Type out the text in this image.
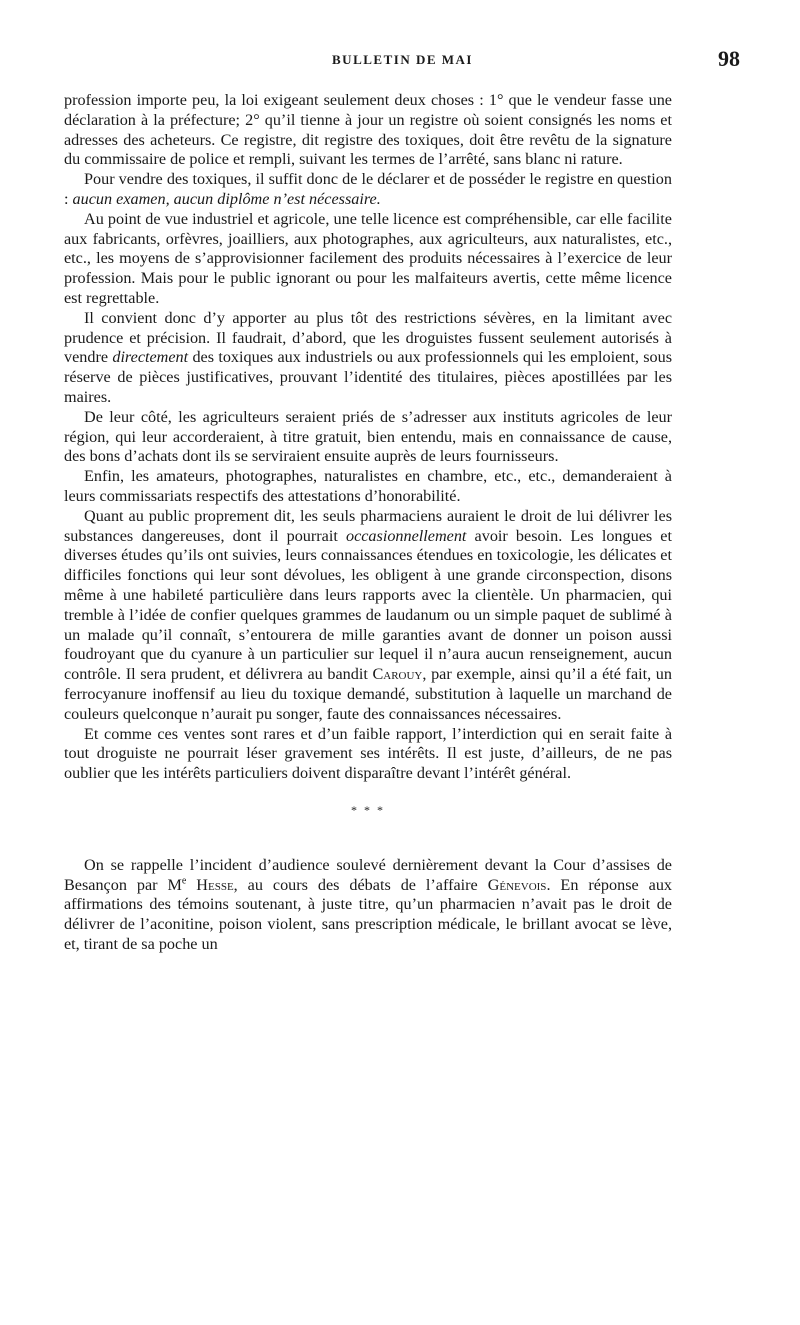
BULLETIN DE MAI	98

profession importe peu, la loi exigeant seulement deux choses : 1° que le vendeur fasse une déclaration à la préfecture; 2° qu’il tienne à jour un registre où soient consignés les noms et adresses des acheteurs. Ce registre, dit registre des toxiques, doit être revêtu de la signature du commissaire de police et rempli, suivant les termes de l’arrêté, sans blanc ni rature.

Pour vendre des toxiques, il suffit donc de le déclarer et de posséder le registre en question : aucun examen, aucun diplôme n’est nécessaire.

Au point de vue industriel et agricole, une telle licence est compréhensible, car elle facilite aux fabricants, orfèvres, joailliers, aux photographes, aux agriculteurs, aux naturalistes, etc., etc., les moyens de s’approvisionner facilement des produits nécessaires à l’exercice de leur profession. Mais pour le public ignorant ou pour les malfaiteurs avertis, cette même licence est regrettable.

Il convient donc d’y apporter au plus tôt des restrictions sévères, en la limitant avec prudence et précision. Il faudrait, d’abord, que les droguistes fussent seulement autorisés à vendre directement des toxiques aux industriels ou aux professionnels qui les emploient, sous réserve de pièces justificatives, prouvant l’identité des titulaires, pièces apostillées par les maires.

De leur côté, les agriculteurs seraient priés de s’adresser aux instituts agricoles de leur région, qui leur accorderaient, à titre gratuit, bien entendu, mais en connaissance de cause, des bons d’achats dont ils se serviraient ensuite auprès de leurs fournisseurs.

Enfin, les amateurs, photographes, naturalistes en chambre, etc., etc., demanderaient à leurs commissariats respectifs des attestations d’honorabilité.

Quant au public proprement dit, les seuls pharmaciens auraient le droit de lui délivrer les substances dangereuses, dont il pourrait occasionnellement avoir besoin. Les longues et diverses études qu’ils ont suivies, leurs connaissances étendues en toxicologie, les délicates et difficiles fonctions qui leur sont dévolues, les obligent à une grande circonspection, disons même à une habileté particulière dans leurs rapports avec la clientèle. Un pharmacien, qui tremble à l’idée de confier quelques grammes de laudanum ou un simple paquet de sublimé à un malade qu’il connaît, s’entourera de mille garanties avant de donner un poison aussi foudroyant que du cyanure à un particulier sur lequel il n’aura aucun renseignement, aucun contrôle. Il sera prudent, et délivrera au bandit Carouy, par exemple, ainsi qu’il a été fait, un ferrocyanure inoffensif au lieu du toxique demandé, substitution à laquelle un marchand de couleurs quelconque n’aurait pu songer, faute des connaissances nécessaires.

Et comme ces ventes sont rares et d’un faible rapport, l’interdiction qui en serait faite à tout droguiste ne pourrait léser gravement ses intérêts. Il est juste, d’ailleurs, de ne pas oublier que les intérêts particuliers doivent disparaître devant l’intérêt général.

* * *

On se rappelle l’incident d’audience soulevé dernièrement devant la Cour d’assises de Besançon par Me Hesse, au cours des débats de l’affaire Génevois. En réponse aux affirmations des témoins soutenant, à juste titre, qu’un pharmacien n’avait pas le droit de délivrer de l’aconitine, poison violent, sans prescription médicale, le brillant avocat se lève, et, tirant de sa poche un
